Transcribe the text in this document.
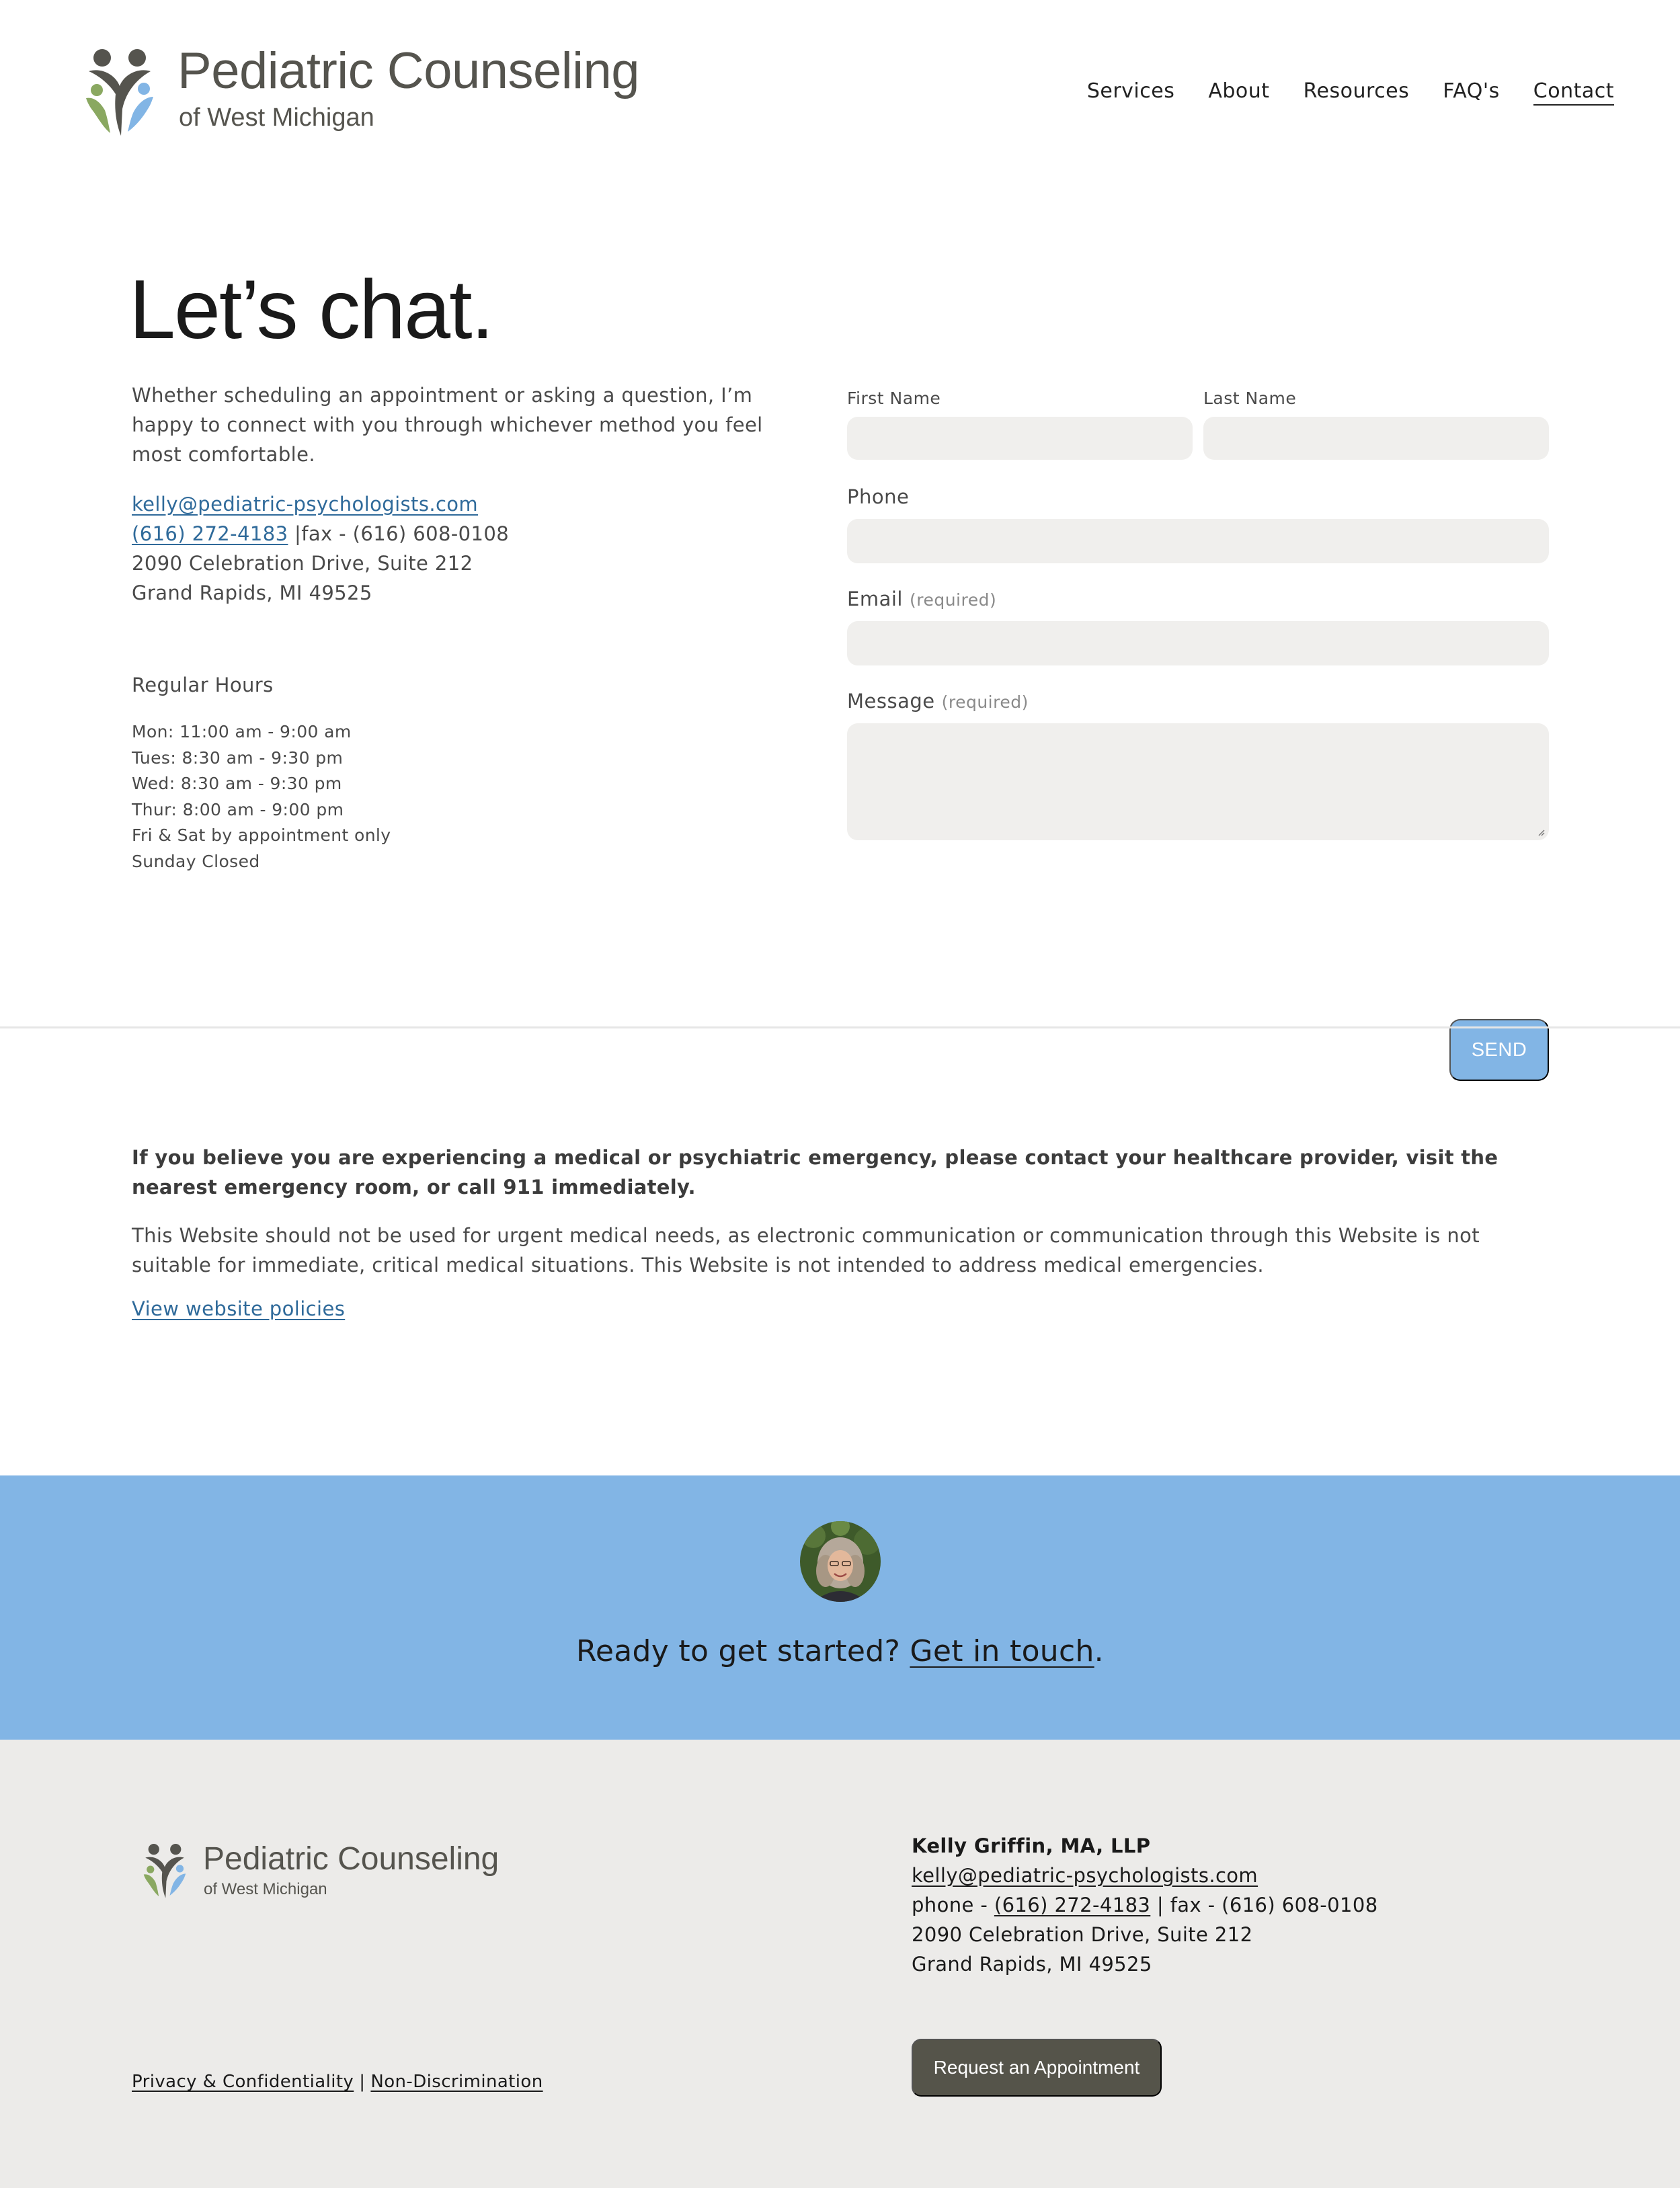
Pediatric Counseling
of West Michigan
Services About Resources FAQ's Contact
Let’s chat.

Whether scheduling an appointment or asking a question, I’m happy to connect with you through whichever method you feel most comfortable.

kelly@pediatric-psychologists.com
(616) 272-4183 |fax - (616) 608-0108
2090 Celebration Drive, Suite 212
Grand Rapids, MI 49525
Regular Hours
Mon: 11:00 am - 9:00 am
Tues: 8:30 am - 9:30 pm
Wed: 8:30 am - 9:30 pm
Thur: 8:00 am - 9:00 pm
Fri & Sat by appointment only
Sunday Closed
First Name	Last Name
Phone
Email (required)
Message (required)
SEND

If you believe you are experiencing a medical or psychiatric emergency, please contact your healthcare provider, visit the nearest emergency room, or call 911 immediately.

This Website should not be used for urgent medical needs, as electronic communication or communication through this Website is not suitable for immediate, critical medical situations. This Website is not intended to address medical emergencies.

View website policies
Ready to get started? Get in touch.
Pediatric Counseling
of West Michigan
Kelly Griffin, MA, LLP
kelly@pediatric-psychologists.com
phone - (616) 272-4183 | fax - (616) 608-0108
2090 Celebration Drive, Suite 212
Grand Rapids, MI 49525
Request an Appointment
Privacy & Confidentiality | Non-Discrimination
